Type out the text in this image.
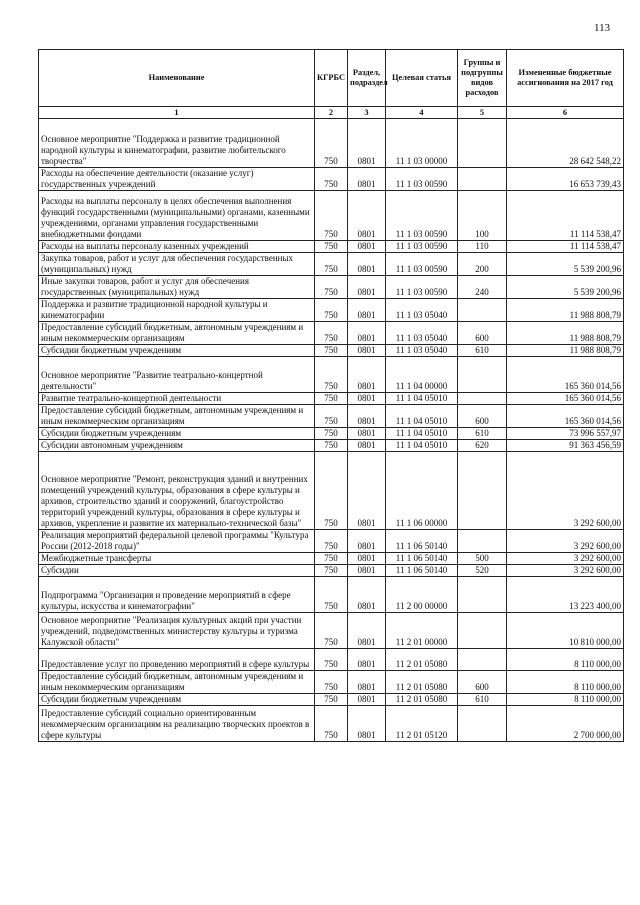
113
Наименование	КГРБС	Раздел, подраздел	Целевая статья	Группы и подгруппы видов расходов	Измененные бюджетные ассигнования на 2017 год
1	2	3	4	5	6
Основное мероприятие "Поддержка и развитие традиционной народной культуры и кинематографии, развитие любительского творчества"	750	0801	11 1 03 00000		28 642 548,22
Расходы на обеспечение деятельности (оказание услуг) государственных учреждений	750	0801	11 1 03 00590		16 653 739,43
Расходы на выплаты персоналу в целях обеспечения выполнения функций государственными (муниципальными) органами, казенными учреждениями, органами управления государственными внебюджетными фондами	750	0801	11 1 03 00590	100	11 114 538,47
Расходы на выплаты персоналу казенных учреждений	750	0801	11 1 03 00590	110	11 114 538,47
Закупка товаров, работ и услуг для обеспечения государственных (муниципальных) нужд	750	0801	11 1 03 00590	200	5 539 200,96
Иные закупки товаров, работ и услуг для обеспечения государственных (муниципальных) нужд	750	0801	11 1 03 00590	240	5 539 200,96
Поддержка и развитие традиционной народной культуры и кинематографии	750	0801	11 1 03 05040		11 988 808,79
Предоставление субсидий бюджетным, автономным учреждениям и иным некоммерческим организациям	750	0801	11 1 03 05040	600	11 988 808,79
Субсидии бюджетным учреждениям	750	0801	11 1 03 05040	610	11 988 808,79
Основное мероприятие "Развитие театрально-концертной деятельности"	750	0801	11 1 04 00000		165 360 014,56
Развитие театрально-концертной деятельности	750	0801	11 1 04 05010		165 360 014,56
Предоставление субсидий бюджетным, автономным учреждениям и иным некоммерческим организациям	750	0801	11 1 04 05010	600	165 360 014,56
Субсидии бюджетным учреждениям	750	0801	11 1 04 05010	610	73 996 557,97
Субсидии автономным учреждениям	750	0801	11 1 04 05010	620	91 363 456,59
Основное мероприятие "Ремонт, реконструкция зданий и внутренних помещений учреждений культуры, образования в сфере культуры и архивов, строительство зданий и сооружений, благоустройство территорий учреждений культуры, образования в сфере культуры и архивов, укрепление и развитие их материально-технической базы"	750	0801	11 1 06 00000		3 292 600,00
Реализация мероприятий федеральной целевой программы "Культура России (2012-2018 годы)"	750	0801	11 1 06 50140		3 292 600,00
Межбюджетные трансферты	750	0801	11 1 06 50140	500	3 292 600,00
Субсидии	750	0801	11 1 06 50140	520	3 292 600,00
Подпрограмма "Организация и проведение мероприятий в сфере культуры, искусства и кинематографии"	750	0801	11 2 00 00000		13 223 400,00
Основное мероприятие "Реализация культурных акций при участии учреждений, подведомственных министерству культуры и туризма Калужской области"	750	0801	11 2 01 00000		10 810 000,00
Предоставление услуг по проведению мероприятий в сфере культуры	750	0801	11 2 01 05080		8 110 000,00
Предоставление субсидий бюджетным, автономным учреждениям и иным некоммерческим организациям	750	0801	11 2 01 05080	600	8 110 000,00
Субсидии бюджетным учреждениям	750	0801	11 2 01 05080	610	8 110 000,00
Предоставление субсидий социально ориентированным некоммерческим организациям на реализацию творческих проектов в сфере культуры	750	0801	11 2 01 05120		2 700 000,00
